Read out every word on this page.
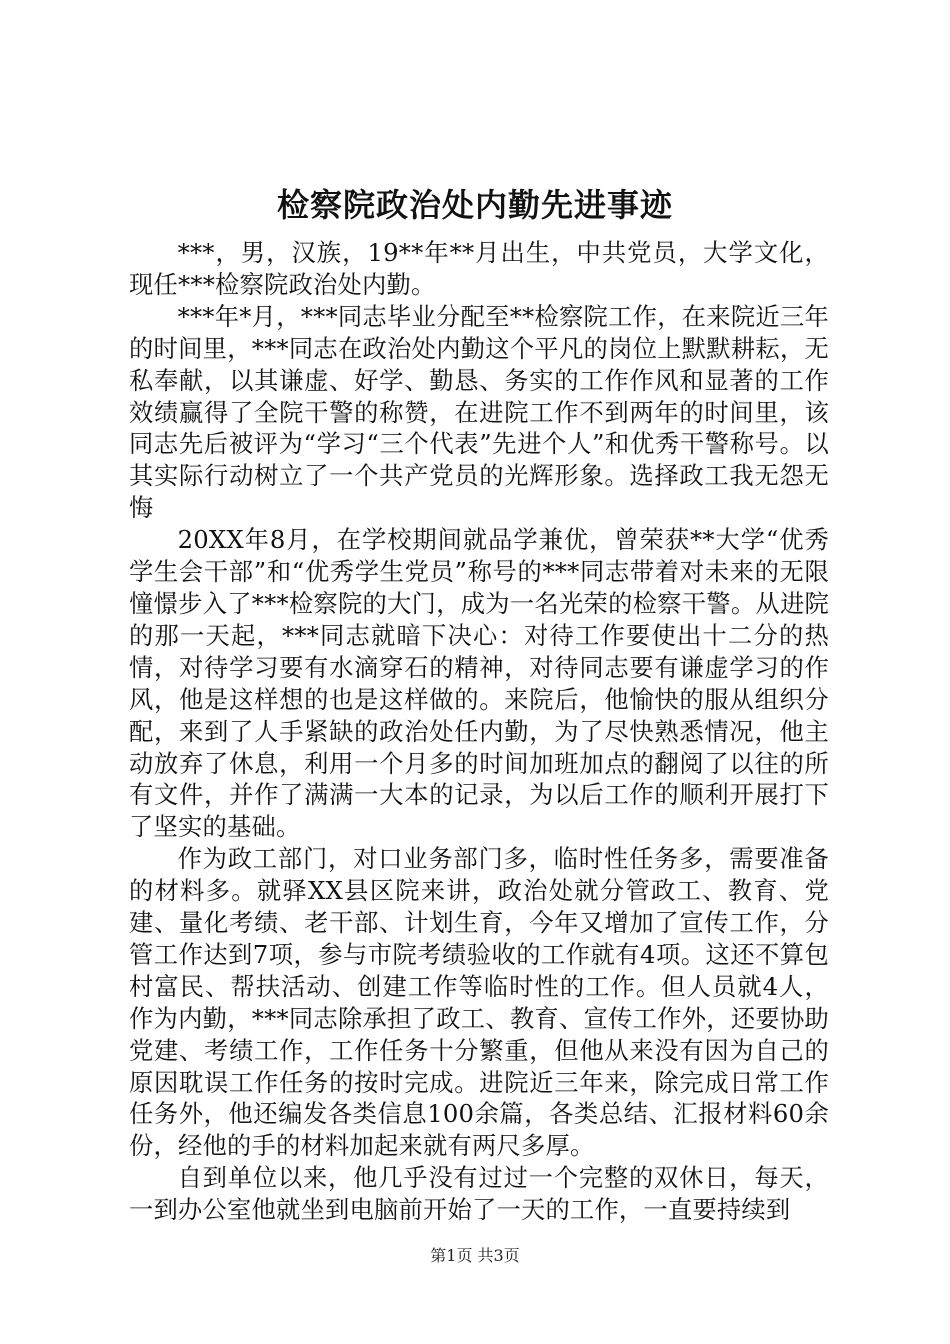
检察院政治处内勤先进事迹

***，男，汉族，19**年**月出生，中共党员，大学文化，现任***检察院政治处内勤。

***年*月，***同志毕业分配至**检察院工作，在来院近三年的时间里，***同志在政治处内勤这个平凡的岗位上默默耕耘，无私奉献，以其谦虚、好学、勤恳、务实的工作作风和显著的工作效绩赢得了全院干警的称赞，在进院工作不到两年的时间里，该同志先后被评为“学习“三个代表”先进个人”和优秀干警称号。以其实际行动树立了一个共产党员的光辉形象。选择政工我无怨无悔

20XX年8月，在学校期间就品学兼优，曾荣获**大学“优秀学生会干部”和“优秀学生党员”称号的***同志带着对未来的无限憧憬步入了***检察院的大门，成为一名光荣的检察干警。从进院的那一天起，***同志就暗下决心：对待工作要使出十二分的热情，对待学习要有水滴穿石的精神，对待同志要有谦虚学习的作风，他是这样想的也是这样做的。来院后，他愉快的服从组织分配，来到了人手紧缺的政治处任内勤，为了尽快熟悉情况，他主动放弃了休息，利用一个月多的时间加班加点的翻阅了以往的所有文件，并作了满满一大本的记录，为以后工作的顺利开展打下了坚实的基础。

作为政工部门，对口业务部门多，临时性任务多，需要准备的材料多。就驿XX县区院来讲，政治处就分管政工、教育、党建、量化考绩、老干部、计划生育，今年又增加了宣传工作，分管工作达到7项，参与市院考绩验收的工作就有4项。这还不算包村富民、帮扶活动、创建工作等临时性的工作。但人员就4人，作为内勤，***同志除承担了政工、教育、宣传工作外，还要协助党建、考绩工作，工作任务十分繁重，但他从来没有因为自己的原因耽误工作任务的按时完成。进院近三年来，除完成日常工作任务外，他还编发各类信息100余篇，各类总结、汇报材料60余份，经他的手的材料加起来就有两尺多厚。

自到单位以来，他几乎没有过过一个完整的双休日，每天，一到办公室他就坐到电脑前开始了一天的工作，一直要持续到

第1页 共3页
